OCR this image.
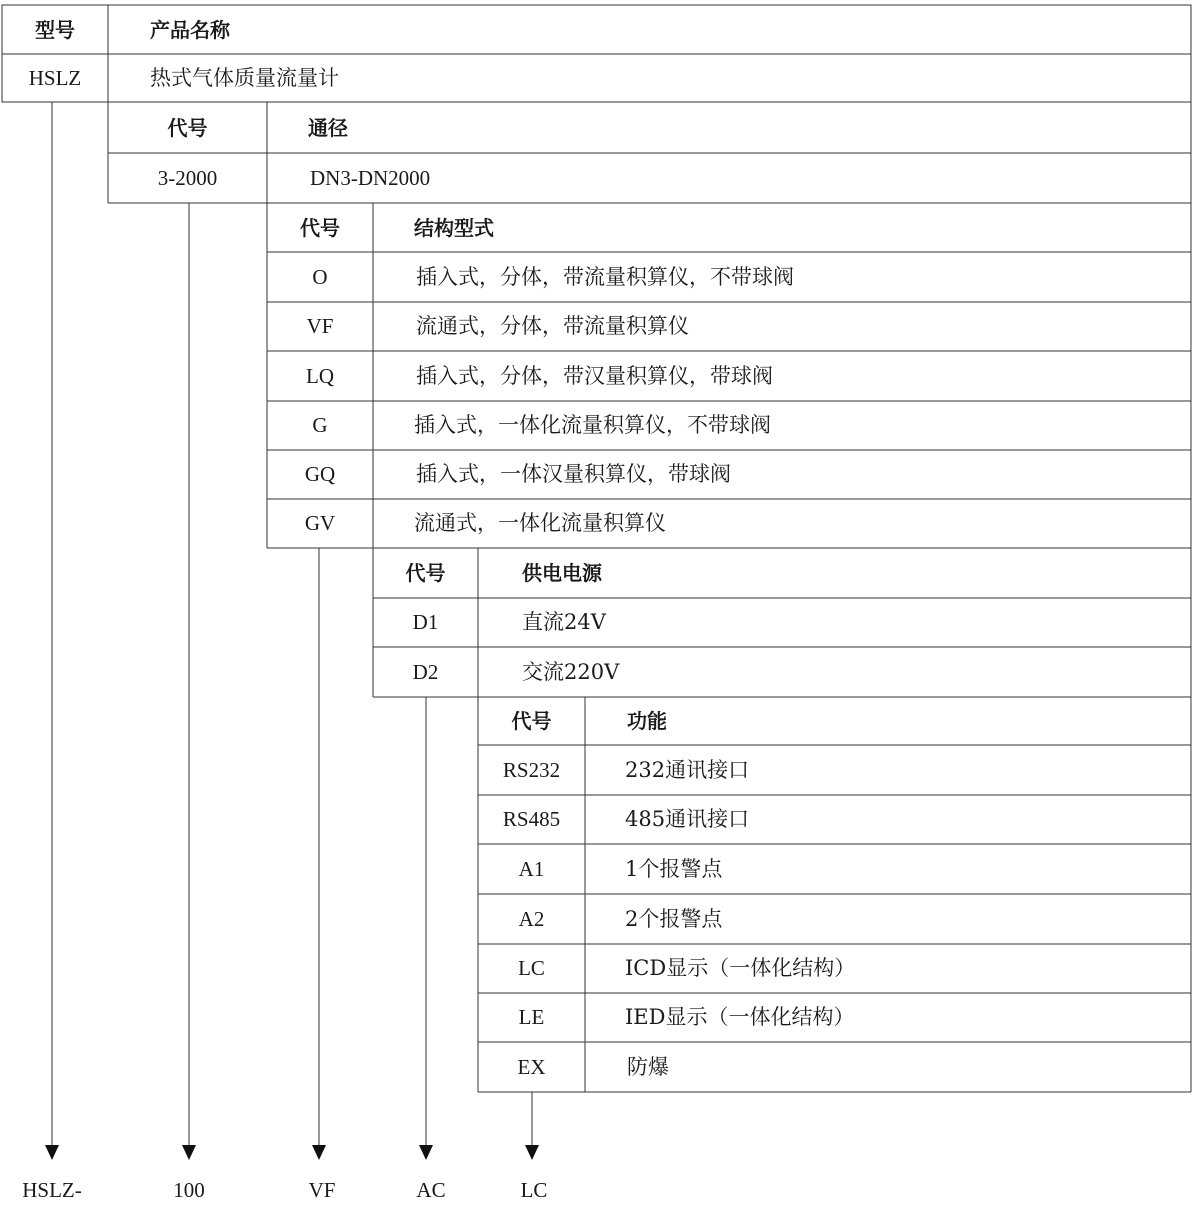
型号	产品名称
HSLZ	热式气体质量流量计
代号	通径
3-2000	DN3-DN2000
代号	结构型式
O	插入式，分体，带流量积算仪，不带球阀
VF	流通式，分体，带流量积算仪
LQ	插入式，分体，带汉量积算仪，带球阀
G	插入式，一体化流量积算仪，不带球阀
GQ	插入式，一体汉量积算仪，带球阀
GV	流通式，一体化流量积算仪
代号	供电电源
D1	直流24V
D2	交流220V
代号	功能
RS232	232通讯接口
RS485	485通讯接口
A1	1个报警点
A2	2个报警点
LC	ICD显示（一体化结构）
LE	IED显示（一体化结构）
EX	防爆
HSLZ-	100	VF	AC	LC
